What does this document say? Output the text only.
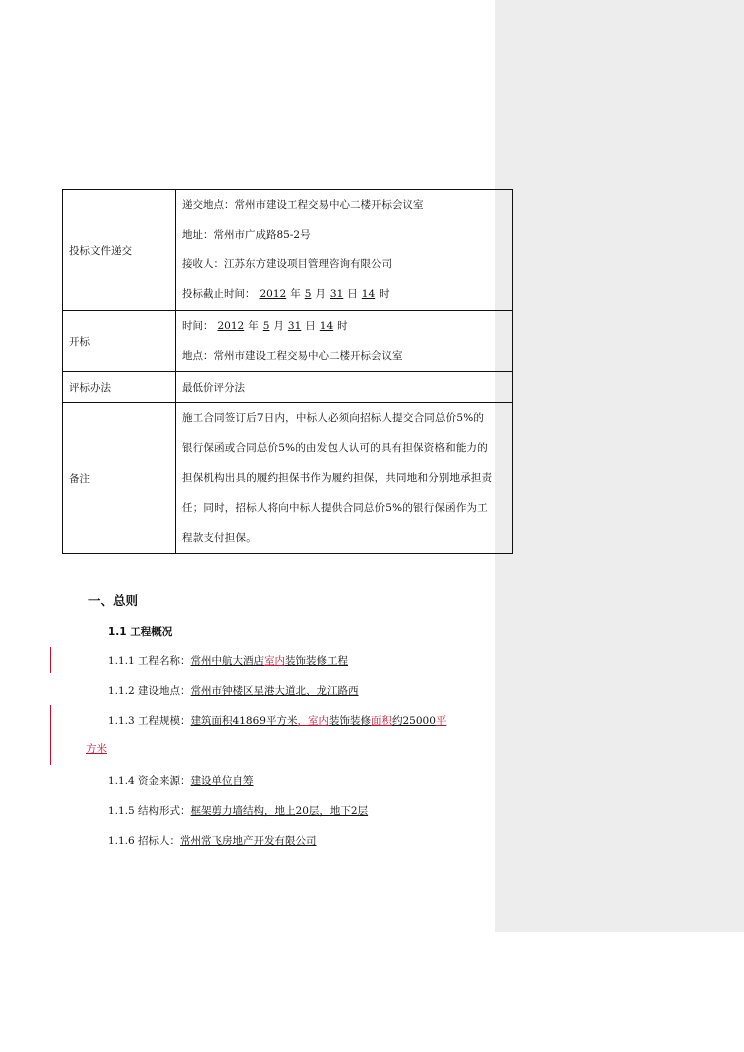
投标文件递交	递交地点：常州市建设工程交易中心二楼开标会议室
地址：常州市广成路85-2号
接收人：江苏东方建设项目管理咨询有限公司
投标截止时间： 2012 年 5 月 31 日 14 时

开标	时间： 2012 年 5 月 31 日 14 时
地点：常州市建设工程交易中心二楼开标会议室

评标办法	最低价评分法
备注	施工合同签订后7日内，中标人必须向招标人提交合同总价5%的
银行保函或合同总价5%的由发包人认可的具有担保资格和能力的
担保机构出具的履约担保书作为履约担保，共同地和分别地承担责
任；同时，招标人将向中标人提供合同总价5%的银行保函作为工
程款支付担保。
一、总则
1.1 工程概况
1.1.1 工程名称：常州中航大酒店室内装饰装修工程
1.1.2 建设地点：常州市钟楼区星港大道北、龙江路西
1.1.3 工程规模：建筑面积41869平方米，室内装饰装修面积约25000平
方米
1.1.4 资金来源：建设单位自筹
1.1.5 结构形式：框架剪力墙结构，地上20层，地下2层
1.1.6 招标人：常州常飞房地产开发有限公司
